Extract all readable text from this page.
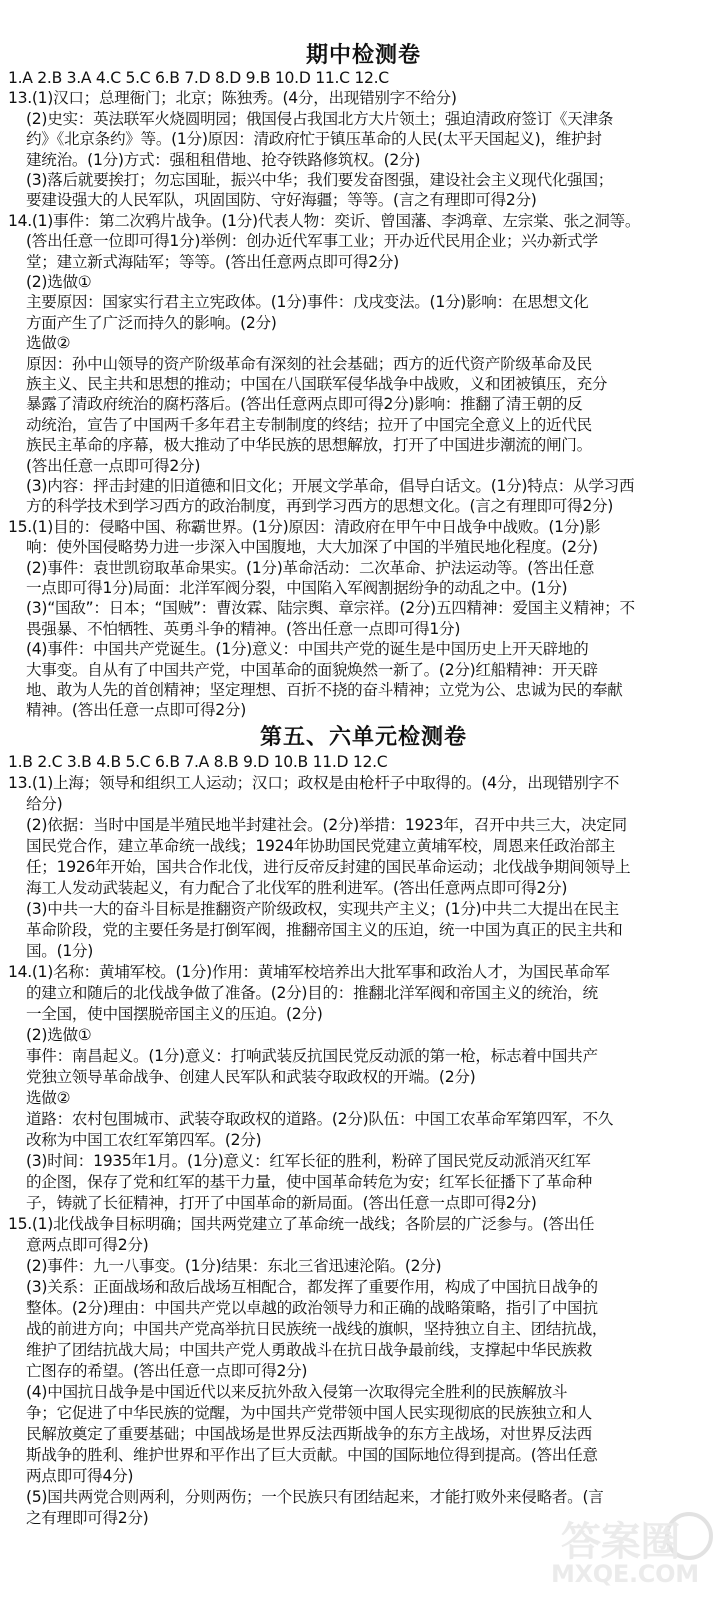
期中检测卷
1.A 2.B 3.A 4.C 5.C 6.B 7.D 8.D 9.B 10.D 11.C 12.C
13.(1)汉口；总理衙门；北京；陈独秀。(4分，出现错别字不给分)
(2)史实：英法联军火烧圆明园；俄国侵占我国北方大片领土；强迫清政府签订《天津条
约》《北京条约》等。(1分)原因：清政府忙于镇压革命的人民(太平天国起义)，维护封
建统治。(1分)方式：强租租借地、抢夺铁路修筑权。(2分)
(3)落后就要挨打；勿忘国耻，振兴中华；我们要发奋图强，建设社会主义现代化强国；
要建设强大的人民军队，巩固国防、守好海疆；等等。(言之有理即可得2分)
14.(1)事件：第二次鸦片战争。(1分)代表人物：奕䜣、曾国藩、李鸿章、左宗棠、张之洞等。
(答出任意一位即可得1分)举例：创办近代军事工业；开办近代民用企业；兴办新式学
堂；建立新式海陆军；等等。(答出任意两点即可得2分)
(2)选做①
主要原因：国家实行君主立宪政体。(1分)事件：戊戌变法。(1分)影响：在思想文化
方面产生了广泛而持久的影响。(2分)
选做②
原因：孙中山领导的资产阶级革命有深刻的社会基础；西方的近代资产阶级革命及民
族主义、民主共和思想的推动；中国在八国联军侵华战争中战败，义和团被镇压，充分
暴露了清政府统治的腐朽落后。(答出任意两点即可得2分)影响：推翻了清王朝的反
动统治，宣告了中国两千多年君主专制制度的终结；拉开了中国完全意义上的近代民
族民主革命的序幕，极大推动了中华民族的思想解放，打开了中国进步潮流的闸门。
(答出任意一点即可得2分)
(3)内容：抨击封建的旧道德和旧文化；开展文学革命，倡导白话文。(1分)特点：从学习西
方的科学技术到学习西方的政治制度，再到学习西方的思想文化。(言之有理即可得2分)
15.(1)目的：侵略中国、称霸世界。(1分)原因：清政府在甲午中日战争中战败。(1分)影
响：使外国侵略势力进一步深入中国腹地，大大加深了中国的半殖民地化程度。(2分)
(2)事件：袁世凯窃取革命果实。(1分)革命活动：二次革命、护法运动等。(答出任意
一点即可得1分)局面：北洋军阀分裂，中国陷入军阀割据纷争的动乱之中。(1分)
(3)“国敌”：日本；“国贼”：曹汝霖、陆宗舆、章宗祥。(2分)五四精神：爱国主义精神；不
畏强暴、不怕牺牲、英勇斗争的精神。(答出任意一点即可得1分)
(4)事件：中国共产党诞生。(1分)意义：中国共产党的诞生是中国历史上开天辟地的
大事变。自从有了中国共产党，中国革命的面貌焕然一新了。(2分)红船精神：开天辟
地、敢为人先的首创精神；坚定理想、百折不挠的奋斗精神；立党为公、忠诚为民的奉献
精神。(答出任意一点即可得2分)
第五、六单元检测卷
1.B 2.C 3.B 4.B 5.C 6.B 7.A 8.B 9.D 10.B 11.D 12.C
13.(1)上海；领导和组织工人运动；汉口；政权是由枪杆子中取得的。(4分，出现错别字不
给分)
(2)依据：当时中国是半殖民地半封建社会。(2分)举措：1923年，召开中共三大，决定同
国民党合作，建立革命统一战线；1924年协助国民党建立黄埔军校，周恩来任政治部主
任；1926年开始，国共合作北伐，进行反帝反封建的国民革命运动；北伐战争期间领导上
海工人发动武装起义，有力配合了北伐军的胜利进军。(答出任意两点即可得2分)
(3)中共一大的奋斗目标是推翻资产阶级政权，实现共产主义；(1分)中共二大提出在民主
革命阶段，党的主要任务是打倒军阀，推翻帝国主义的压迫，统一中国为真正的民主共和
国。(1分)
14.(1)名称：黄埔军校。(1分)作用：黄埔军校培养出大批军事和政治人才，为国民革命军
的建立和随后的北伐战争做了准备。(2分)目的：推翻北洋军阀和帝国主义的统治，统
一全国，使中国摆脱帝国主义的压迫。(2分)
(2)选做①
事件：南昌起义。(1分)意义：打响武装反抗国民党反动派的第一枪，标志着中国共产
党独立领导革命战争、创建人民军队和武装夺取政权的开端。(2分)
选做②
道路：农村包围城市、武装夺取政权的道路。(2分)队伍：中国工农革命军第四军，不久
改称为中国工农红军第四军。(2分)
(3)时间：1935年1月。(1分)意义：红军长征的胜利，粉碎了国民党反动派消灭红军
的企图，保存了党和红军的基干力量，使中国革命转危为安；红军长征播下了革命种
子，铸就了长征精神，打开了中国革命的新局面。(答出任意一点即可得2分)
15.(1)北伐战争目标明确；国共两党建立了革命统一战线；各阶层的广泛参与。(答出任
意两点即可得2分)
(2)事件：九一八事变。(1分)结果：东北三省迅速沦陷。(2分)
(3)关系：正面战场和敌后战场互相配合，都发挥了重要作用，构成了中国抗日战争的
整体。(2分)理由：中国共产党以卓越的政治领导力和正确的战略策略，指引了中国抗
战的前进方向；中国共产党高举抗日民族统一战线的旗帜，坚持独立自主、团结抗战，
维护了团结抗战大局；中国共产党人勇敢战斗在抗日战争最前线，支撑起中华民族救
亡图存的希望。(答出任意一点即可得2分)
(4)中国抗日战争是中国近代以来反抗外敌入侵第一次取得完全胜利的民族解放斗
争；它促进了中华民族的觉醒，为中国共产党带领中国人民实现彻底的民族独立和人
民解放奠定了重要基础；中国战场是世界反法西斯战争的东方主战场，对世界反法西
斯战争的胜利、维护世界和平作出了巨大贡献。中国的国际地位得到提高。(答出任意
两点即可得4分)
(5)国共两党合则两利，分则两伤；一个民族只有团结起来，才能打败外来侵略者。(言
之有理即可得2分)
答案圈
MXQE.COM
